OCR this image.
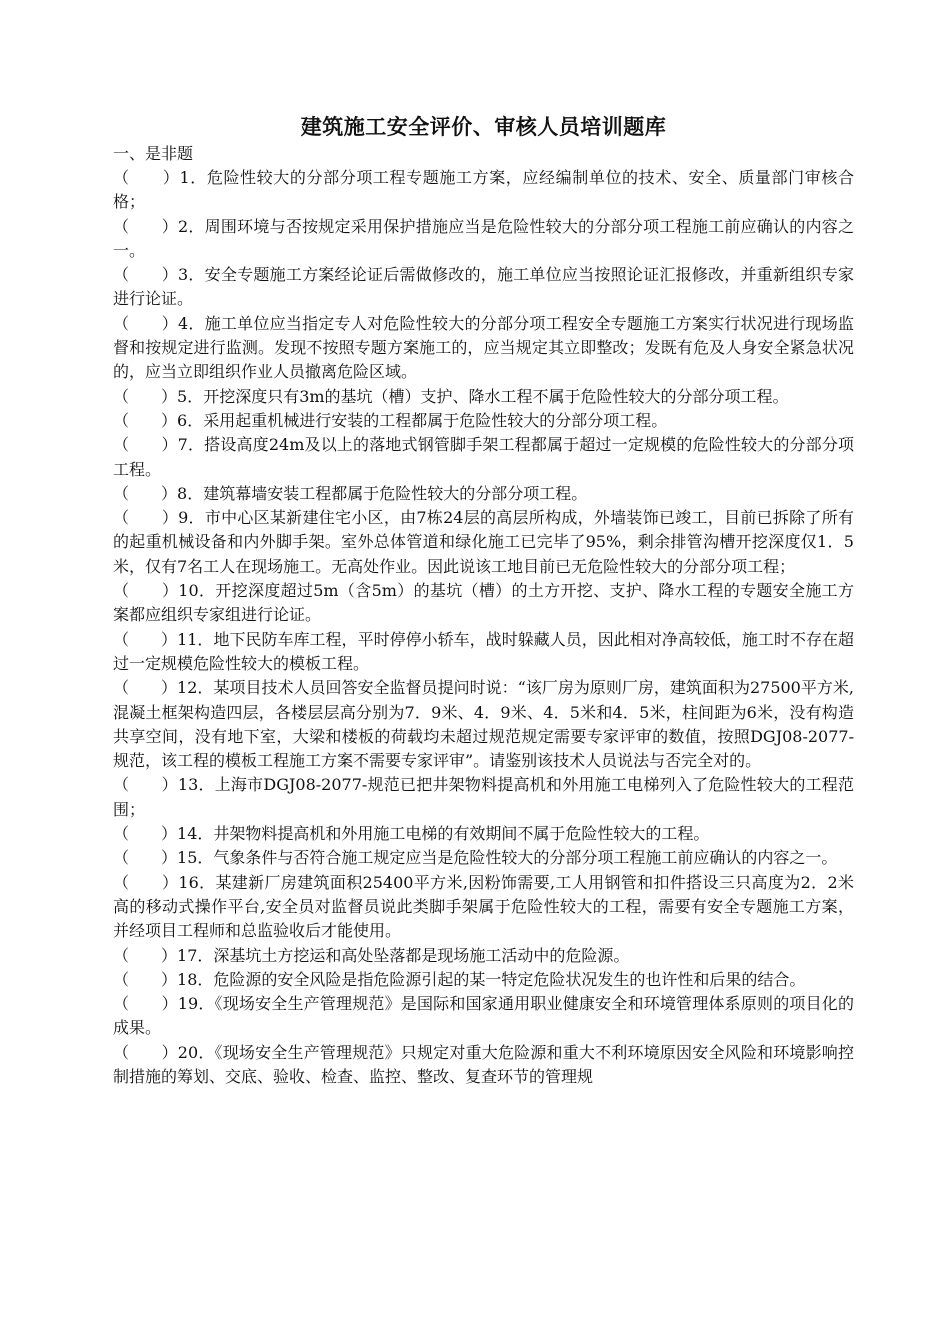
建筑施工安全评价、审核人员培训题库

一、是非题

（　　）1．危险性较大的分部分项工程专题施工方案，应经编制单位的技术、安全、质量部门审核合格；

（　　）2．周围环境与否按规定采用保护措施应当是危险性较大的分部分项工程施工前应确认的内容之一。

（　　）3．安全专题施工方案经论证后需做修改的，施工单位应当按照论证汇报修改，并重新组织专家进行论证。

（　　）4．施工单位应当指定专人对危险性较大的分部分项工程安全专题施工方案实行状况进行现场监督和按规定进行监测。发现不按照专题方案施工的，应当规定其立即整改；发既有危及人身安全紧急状况的，应当立即组织作业人员撤离危险区域。

（　　）5．开挖深度只有3m的基坑（槽）支护、降水工程不属于危险性较大的分部分项工程。

（　　）6．采用起重机械进行安装的工程都属于危险性较大的分部分项工程。

（　　）7．搭设高度24m及以上的落地式钢管脚手架工程都属于超过一定规模的危险性较大的分部分项工程。

（　　）8．建筑幕墙安装工程都属于危险性较大的分部分项工程。

（　　）9．市中心区某新建住宅小区，由7栋24层的高层所构成，外墙装饰已竣工，目前已拆除了所有的起重机械设备和内外脚手架。室外总体管道和绿化施工已完毕了95%，剩余排管沟槽开挖深度仅1．5米，仅有7名工人在现场施工。无高处作业。因此说该工地目前已无危险性较大的分部分项工程；

（　　）10．开挖深度超过5m（含5m）的基坑（槽）的土方开挖、支护、降水工程的专题安全施工方案都应组织专家组进行论证。

（　　）11．地下民防车库工程，平时停停小轿车，战时躲藏人员，因此相对净高较低，施工时不存在超过一定规模危险性较大的模板工程。

（　　）12．某项目技术人员回答安全监督员提问时说：“该厂房为原则厂房，建筑面积为27500平方米,混凝土框架构造四层，各楼层层高分别为7．9米、4．9米、4．5米和4．5米，柱间距为6米，没有构造共享空间，没有地下室，大梁和楼板的荷载均未超过规范规定需要专家评审的数值，按照DGJ08-2077-规范，该工程的模板工程施工方案不需要专家评审”。请鉴别该技术人员说法与否完全对的。

（　　）13．上海市DGJ08-2077-规范已把井架物料提高机和外用施工电梯列入了危险性较大的工程范围；

（　　）14．井架物料提高机和外用施工电梯的有效期间不属于危险性较大的工程。

（　　）15．气象条件与否符合施工规定应当是危险性较大的分部分项工程施工前应确认的内容之一。

（　　）16．某建新厂房建筑面积25400平方米,因粉饰需要,工人用钢管和扣件搭设三只高度为2．2米高的移动式操作平台,安全员对监督员说此类脚手架属于危险性较大的工程，需要有安全专题施工方案，并经项目工程师和总监验收后才能使用。

（　　）17．深基坑土方挖运和高处坠落都是现场施工活动中的危险源。

（　　）18．危险源的安全风险是指危险源引起的某一特定危险状况发生的也许性和后果的结合。

（　　）19．《现场安全生产管理规范》是国际和国家通用职业健康安全和环境管理体系原则的项目化的成果。

（　　）20．《现场安全生产管理规范》只规定对重大危险源和重大不利环境原因安全风险和环境影响控制措施的筹划、交底、验收、检查、监控、整改、复查环节的管理规
